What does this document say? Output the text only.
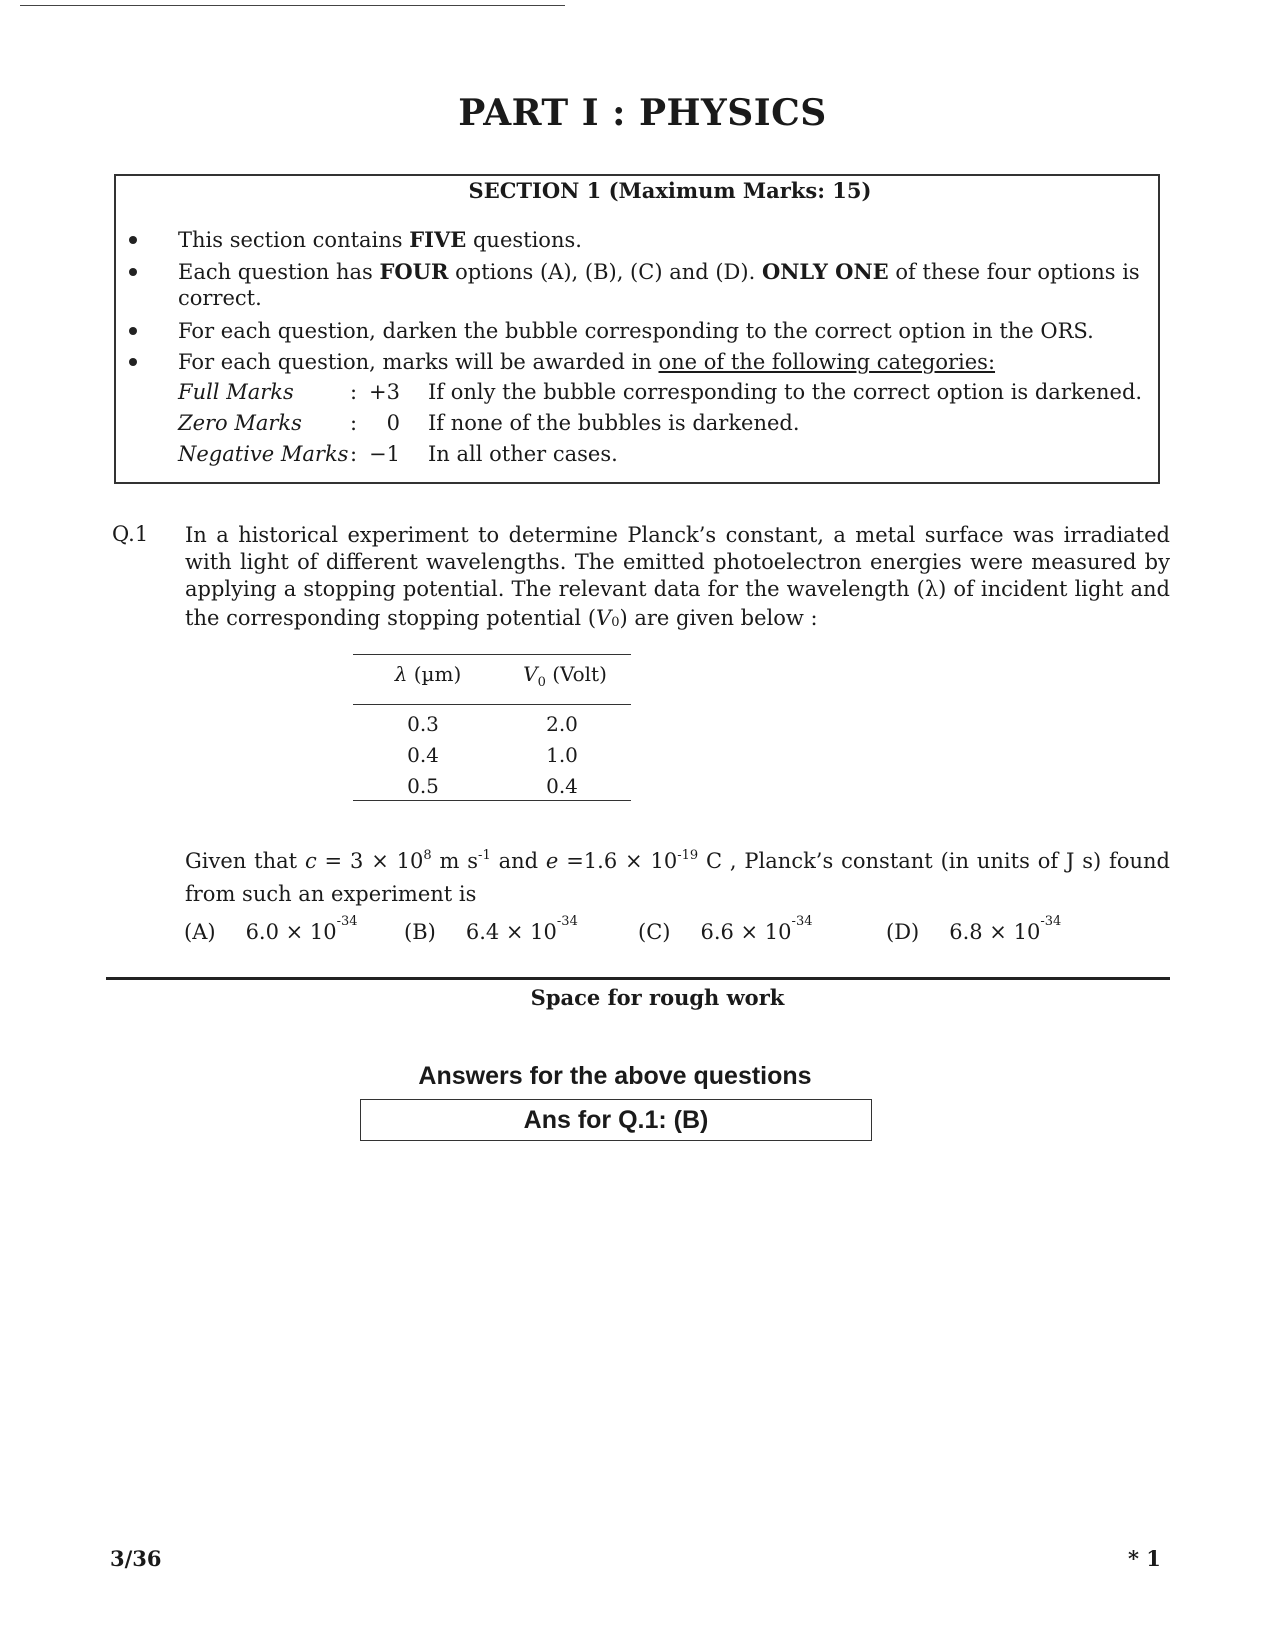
PART I : PHYSICS
SECTION 1 (Maximum Marks: 15)
This section contains FIVE questions.
Each question has FOUR options (A), (B), (C) and (D). ONLY ONE of these four options is
correct.
For each question, darken the bubble corresponding to the correct option in the ORS.
For each question, marks will be awarded in one of the following categories:
Full Marks	: +3 If only the bubble corresponding to the correct option is darkened.
Zero Marks :	0 If none of the bubbles is darkened.
Negative Marks : −1 In all other cases.
Q.1 In a historical experiment to determine Planck’s constant, a metal surface was irradiated
with light of different wavelengths. The emitted photoelectron energies were measured by
applying a stopping potential. The relevant data for the wavelength (λ) of incident light and
the corresponding stopping potential $(V_0)$ are given below :
λ (µm)	$V_0$ (Volt)
0.3	2.0
0.4	1.0
0.5	0.4
Given that $c = 3 \times 10^8$ m $s^{-1}$ and $e =1.6 \times 10^{-19}$ C , Planck’s constant (in units of J s) found
from such an experiment is
(A) $6.0 \times 10^{-34}$ (B) $6.4 \times 10^{-34}$	(C) $6.6 \times 10^{-34}$	(D) $6.8 \times 10^{-34}$
Space for rough work
Answers for the above questions
Ans for Q.1: (B)
3/36	* 1
